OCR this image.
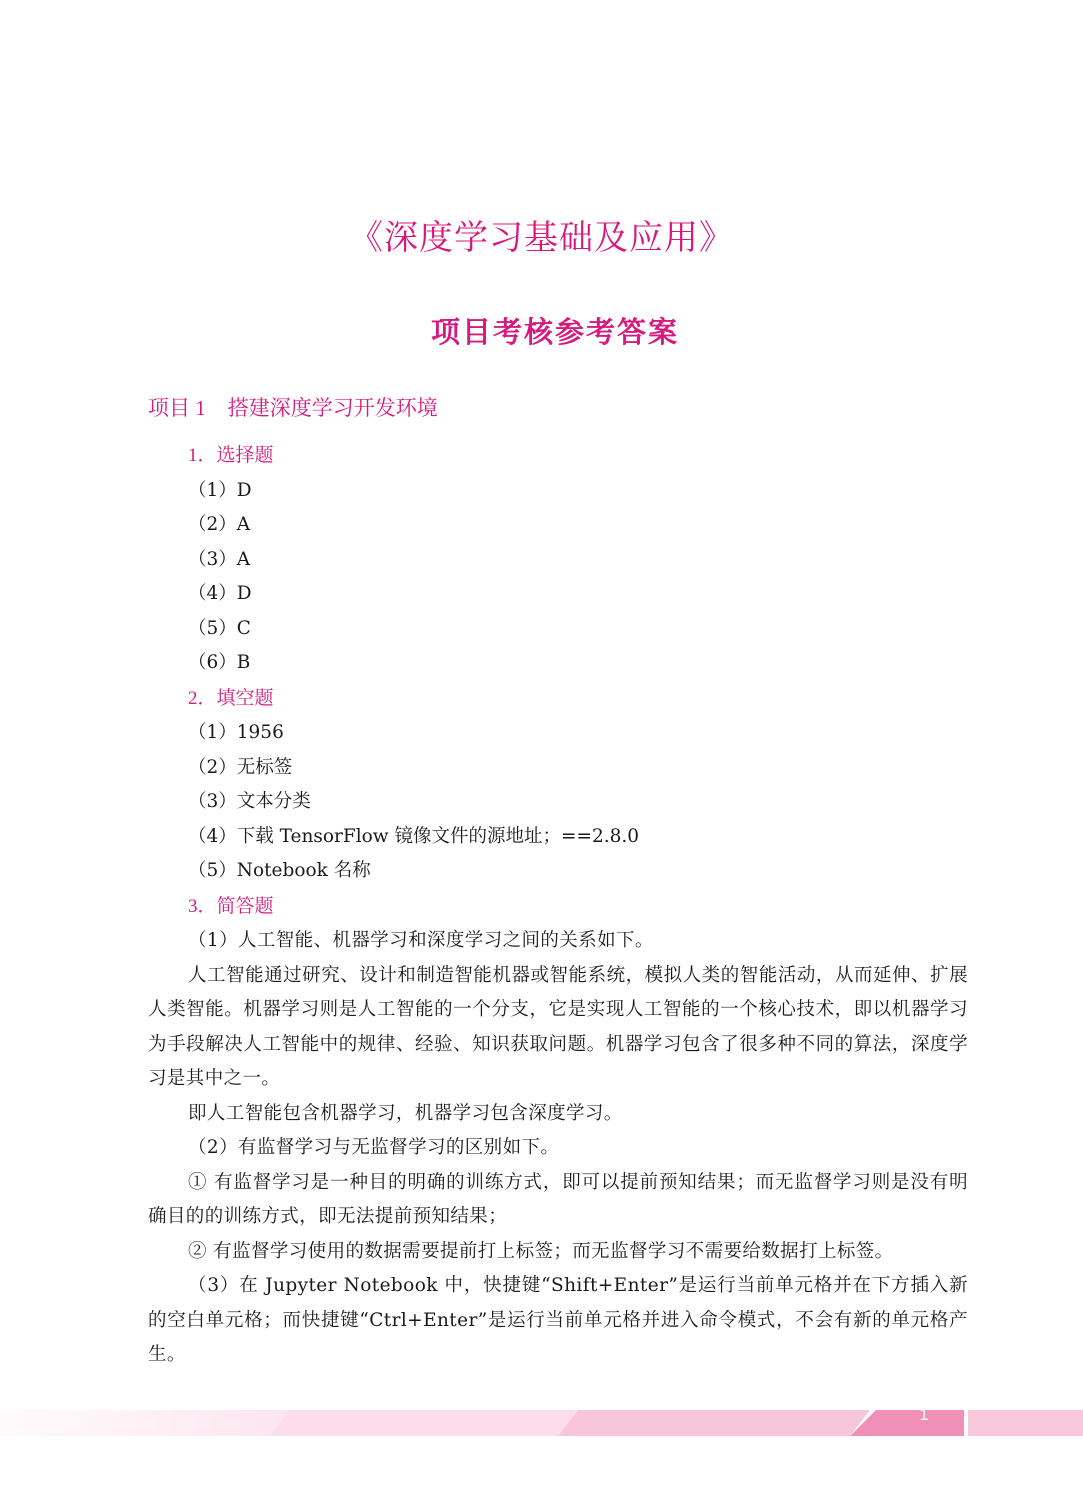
《深度学习基础及应用》
项目考核参考答案
项目 1 搭建深度学习开发环境

1．选择题

（1）D

（2）A

（3）A

（4）D

（5）C

（6）B

2．填空题

（1）1956

（2）无标签

（3）文本分类

（4）下载 TensorFlow 镜像文件的源地址；==2.8.0

（5）Notebook 名称

3．简答题

（1）人工智能、机器学习和深度学习之间的关系如下。

人工智能通过研究、设计和制造智能机器或智能系统，模拟人类的智能活动，从而延伸、扩展人类智能。机器学习则是人工智能的一个分支，它是实现人工智能的一个核心技术，即以机器学习为手段解决人工智能中的规律、经验、知识获取问题。机器学习包含了很多种不同的算法，深度学习是其中之一。

即人工智能包含机器学习，机器学习包含深度学习。

（2）有监督学习与无监督学习的区别如下。

① 有监督学习是一种目的明确的训练方式，即可以提前预知结果；而无监督学习则是没有明确目的的训练方式，即无法提前预知结果；

② 有监督学习使用的数据需要提前打上标签；而无监督学习不需要给数据打上标签。

（3）在 Jupyter Notebook 中，快捷键“Shift+Enter”是运行当前单元格并在下方插入新的空白单元格；而快捷键“Ctrl+Enter”是运行当前单元格并进入命令模式，不会有新的单元格产生。

1
